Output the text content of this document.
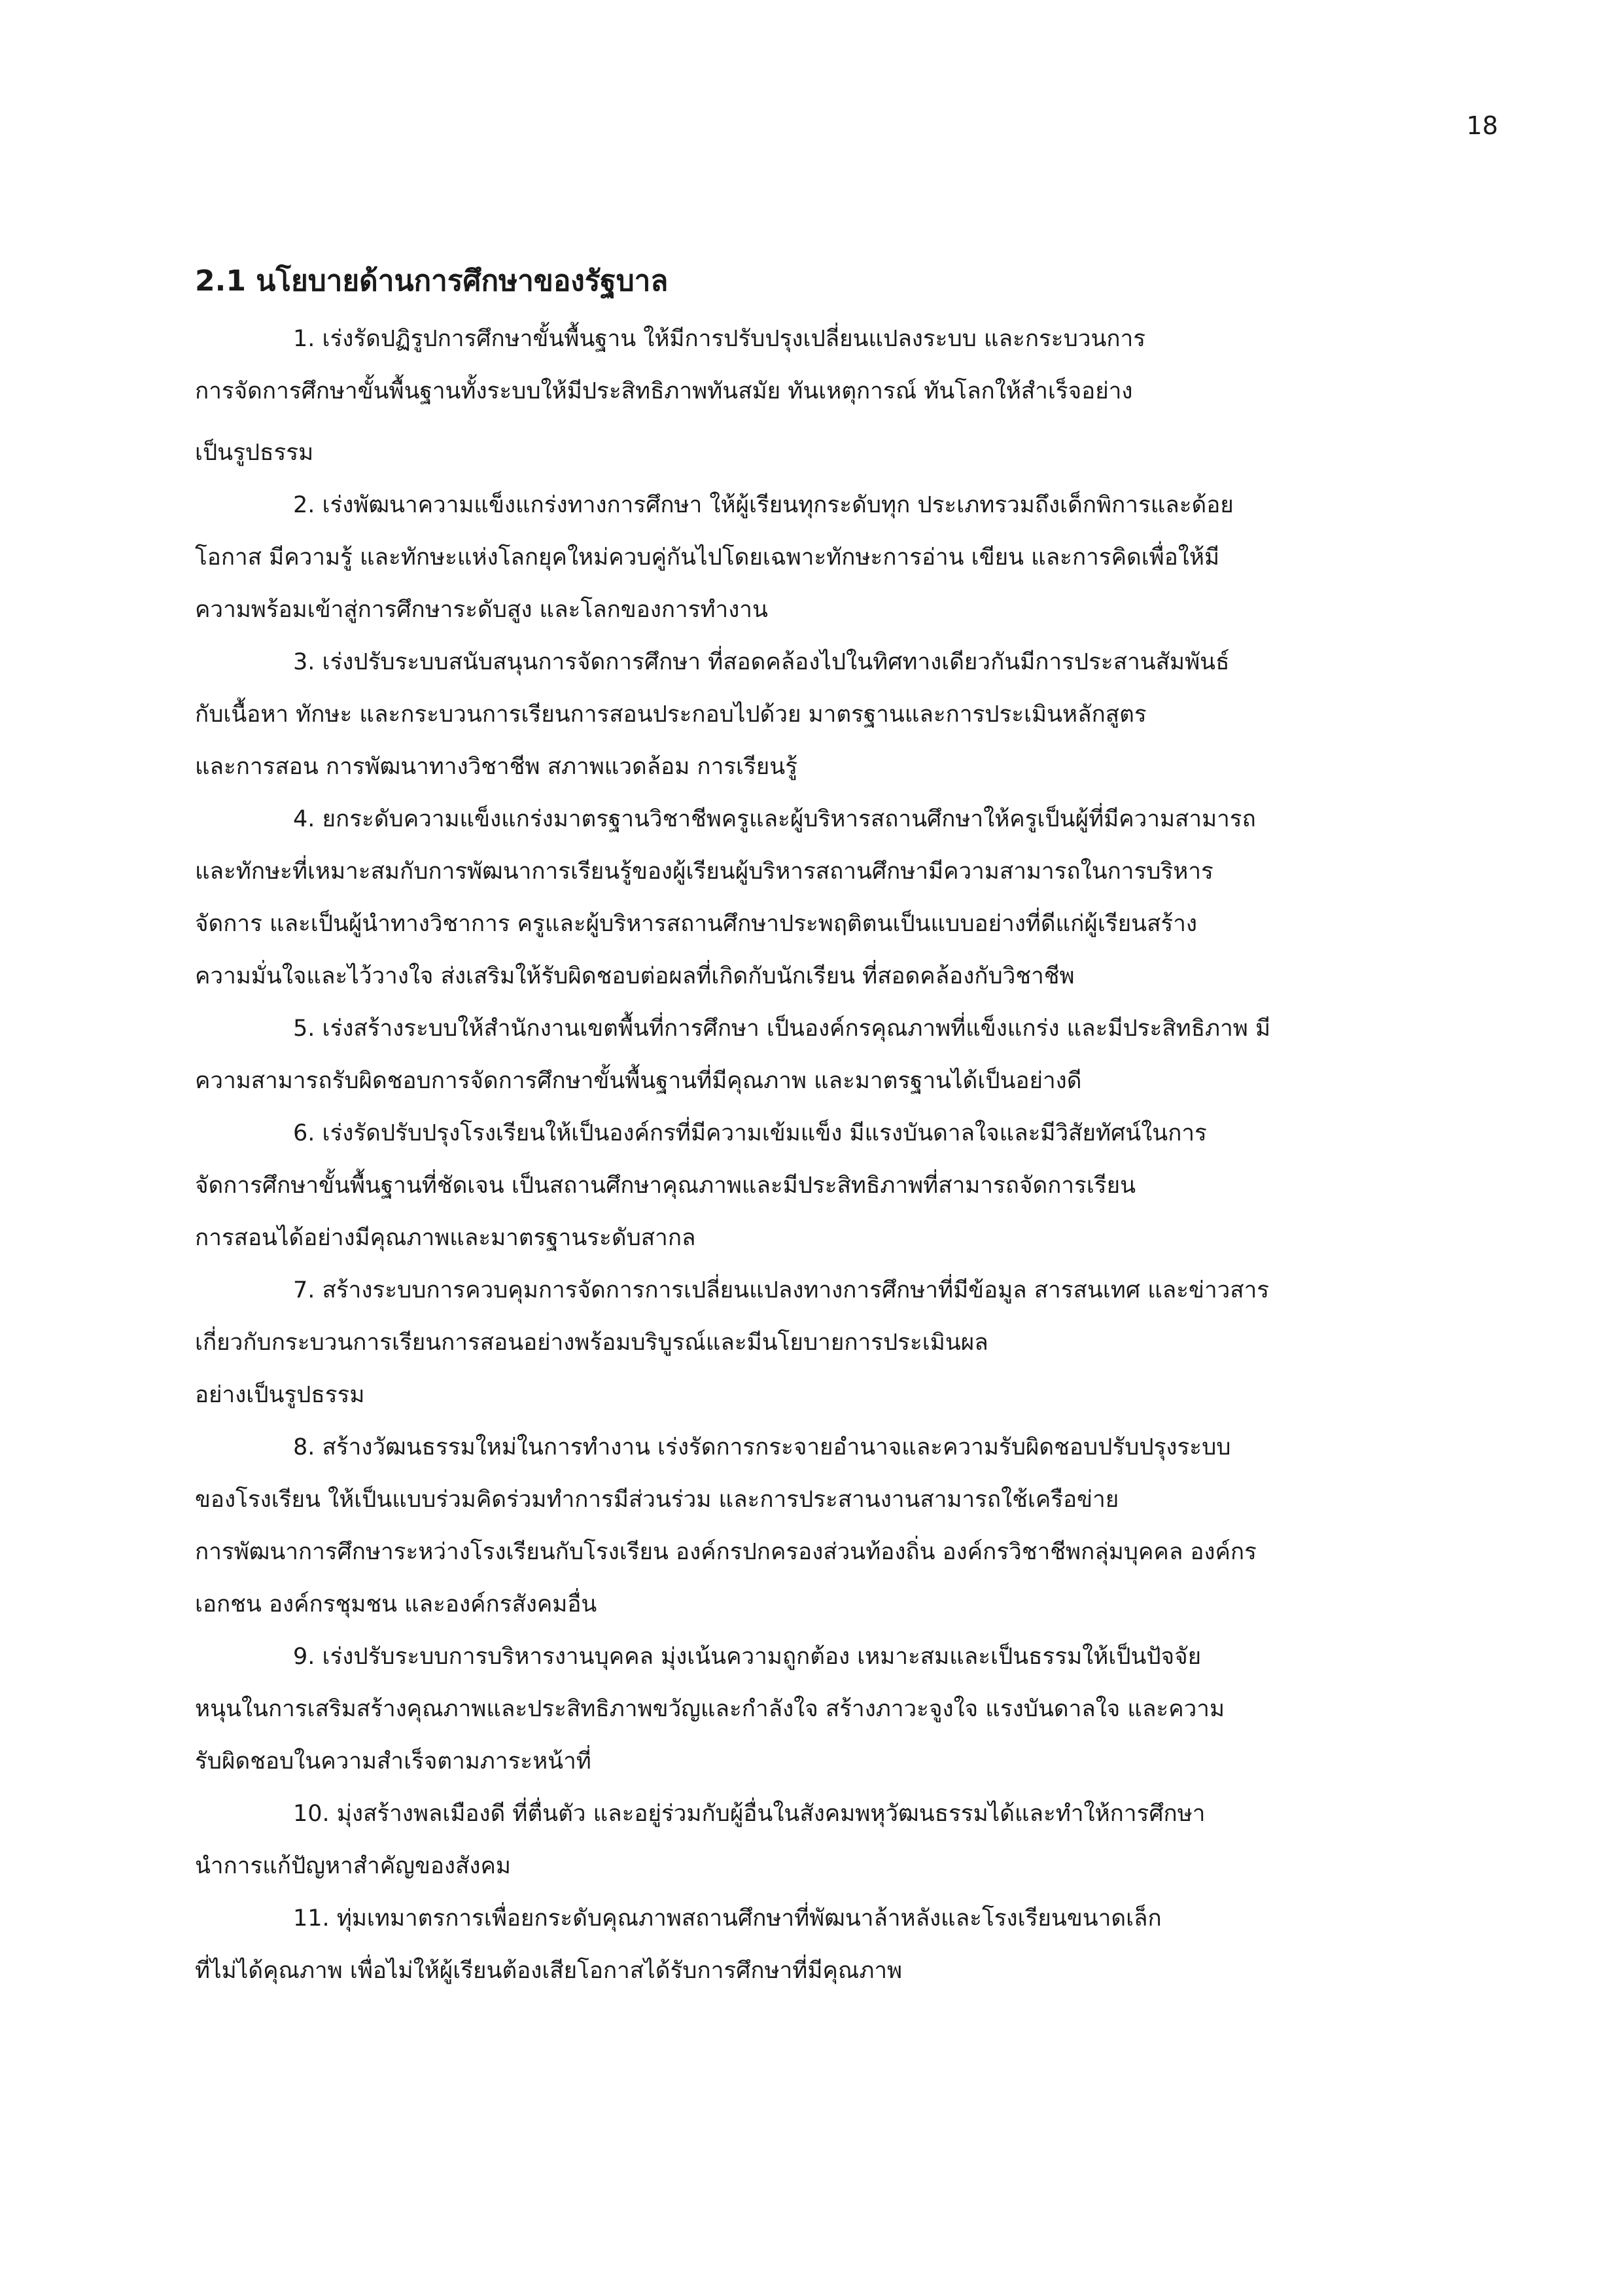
18
2.1 นโยบายด้านการศึกษาของรัฐบาล
1. เร่งรัดปฏิรูปการศึกษาขั้นพื้นฐาน ให้มีการปรับปรุงเปลี่ยนแปลงระบบ และกระบวนการ
การจัดการศึกษาขั้นพื้นฐานทั้งระบบให้มีประสิทธิภาพทันสมัย ทันเหตุการณ์ ทันโลกให้สำเร็จอย่าง
เป็นรูปธรรม
2. เร่งพัฒนาความแข็งแกร่งทางการศึกษา ให้ผู้เรียนทุกระดับทุก ประเภทรวมถึงเด็กพิการและด้อย
โอกาส มีความรู้ และทักษะแห่งโลกยุคใหม่ควบคู่กันไปโดยเฉพาะทักษะการอ่าน เขียน และการคิดเพื่อให้มี
ความพร้อมเข้าสู่การศึกษาระดับสูง และโลกของการทำงาน
3. เร่งปรับระบบสนับสนุนการจัดการศึกษา ที่สอดคล้องไปในทิศทางเดียวกันมีการประสานสัมพันธ์
กับเนื้อหา ทักษะ และกระบวนการเรียนการสอนประกอบไปด้วย มาตรฐานและการประเมินหลักสูตร
และการสอน การพัฒนาทางวิชาชีพ สภาพแวดล้อม การเรียนรู้
4. ยกระดับความแข็งแกร่งมาตรฐานวิชาชีพครูและผู้บริหารสถานศึกษาให้ครูเป็นผู้ที่มีความสามารถ
และทักษะที่เหมาะสมกับการพัฒนาการเรียนรู้ของผู้เรียนผู้บริหารสถานศึกษามีความสามารถในการบริหาร
จัดการ และเป็นผู้นำทางวิชาการ ครูและผู้บริหารสถานศึกษาประพฤติตนเป็นแบบอย่างที่ดีแก่ผู้เรียนสร้าง
ความมั่นใจและไว้วางใจ ส่งเสริมให้รับผิดชอบต่อผลที่เกิดกับนักเรียน ที่สอดคล้องกับวิชาชีพ
5. เร่งสร้างระบบให้สำนักงานเขตพื้นที่การศึกษา เป็นองค์กรคุณภาพที่แข็งแกร่ง และมีประสิทธิภาพ มี
ความสามารถรับผิดชอบการจัดการศึกษาขั้นพื้นฐานที่มีคุณภาพ และมาตรฐานได้เป็นอย่างดี
6. เร่งรัดปรับปรุงโรงเรียนให้เป็นองค์กรที่มีความเข้มแข็ง มีแรงบันดาลใจและมีวิสัยทัศน์ในการ
จัดการศึกษาขั้นพื้นฐานที่ชัดเจน เป็นสถานศึกษาคุณภาพและมีประสิทธิภาพที่สามารถจัดการเรียน
การสอนได้อย่างมีคุณภาพและมาตรฐานระดับสากล
7. สร้างระบบการควบคุมการจัดการการเปลี่ยนแปลงทางการศึกษาที่มีข้อมูล สารสนเทศ และข่าวสาร
เกี่ยวกับกระบวนการเรียนการสอนอย่างพร้อมบริบูรณ์และมีนโยบายการประเมินผล
อย่างเป็นรูปธรรม
8. สร้างวัฒนธรรมใหม่ในการทำงาน เร่งรัดการกระจายอำนาจและความรับผิดชอบปรับปรุงระบบ
ของโรงเรียน ให้เป็นแบบร่วมคิดร่วมทำการมีส่วนร่วม และการประสานงานสามารถใช้เครือข่าย
การพัฒนาการศึกษาระหว่างโรงเรียนกับโรงเรียน องค์กรปกครองส่วนท้องถิ่น องค์กรวิชาชีพกลุ่มบุคคล องค์กร
เอกชน องค์กรชุมชน และองค์กรสังคมอื่น
9. เร่งปรับระบบการบริหารงานบุคคล มุ่งเน้นความถูกต้อง เหมาะสมและเป็นธรรมให้เป็นปัจจัย
หนุนในการเสริมสร้างคุณภาพและประสิทธิภาพขวัญและกำลังใจ สร้างภาวะจูงใจ แรงบันดาลใจ และความ
รับผิดชอบในความสำเร็จตามภาระหน้าที่
10. มุ่งสร้างพลเมืองดี ที่ตื่นตัว และอยู่ร่วมกับผู้อื่นในสังคมพหุวัฒนธรรมได้และทำให้การศึกษา
นำการแก้ปัญหาสำคัญของสังคม
11. ทุ่มเทมาตรการเพื่อยกระดับคุณภาพสถานศึกษาที่พัฒนาล้าหลังและโรงเรียนขนาดเล็ก
ที่ไม่ได้คุณภาพ เพื่อไม่ให้ผู้เรียนต้องเสียโอกาสได้รับการศึกษาที่มีคุณภาพ
